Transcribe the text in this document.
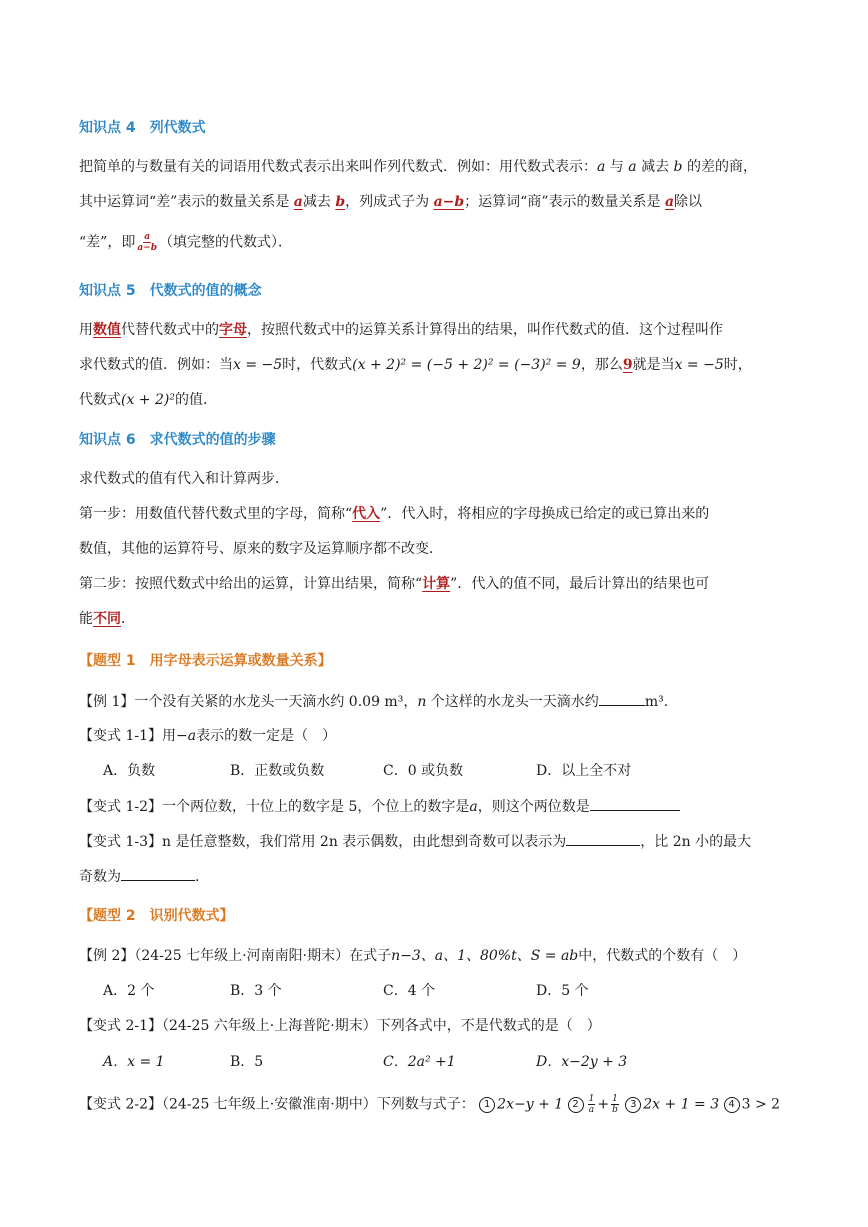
知识点 4 列代数式
把简单的与数量有关的词语用代数式表示出来叫作列代数式．例如：用代数式表示：a 与 a 减去 b 的差的商，
其中运算词“差”表示的数量关系是 a减去 b，列成式子为 a−b；运算词“商”表示的数量关系是 a除以
“差”，即 $\frac{a}{a-b}$ （填完整的代数式）．
知识点 5 代数式的值的概念
用数值代替代数式中的字母，按照代数式中的运算关系计算得出的结果，叫作代数式的值．这个过程叫作
求代数式的值．例如：当x = −5时，代数式(x + 2)² = (−5 + 2)² = (−3)² = 9，那么9就是当x = −5时，
代数式(x + 2)²的值．
知识点 6 求代数式的值的步骤
求代数式的值有代入和计算两步．
第一步：用数值代替代数式里的字母，简称“代入”．代入时，将相应的字母换成已给定的或已算出来的
数值，其他的运算符号、原来的数字及运算顺序都不改变．
第二步：按照代数式中给出的运算，计算出结果，简称“计算”．代入的值不同，最后计算出的结果也可
能不同．
【题型 1　用字母表示运算或数量关系】
【例 1】一个没有关紧的水龙头一天滴水约 0.09 m³，n 个这样的水龙头一天滴水约	m³.
【变式 1-1】用−a表示的数一定是（　）
A．负数	B．正数或负数	C．0 或负数	D．以上全不对
【变式 1-2】一个两位数，十位上的数字是 5，个位上的数字是a，则这个两位数是
【变式 1-3】n 是任意整数，我们常用 2n 表示偶数，由此想到奇数可以表示为	，比 2n 小的最大
奇数为	.
【题型 2　识别代数式】
【例 2】（24-25 七年级上·河南南阳·期末）在式子n−3、a、1、80%t、S = ab中，代数式的个数有（　）
A．2 个	B．3 个	C．4 个	D．5 个
【变式 2-1】（24-25 六年级上·上海普陀·期末）下列各式中，不是代数式的是（　）
A．x = 1	B．5	C．2a² +1	D．x−2y + 3
【变式 2-2】（24-25 七年级上·安徽淮南·期中）下列数与式子： 1 2x−y + 1 $2 \frac{1}{a} + \frac{1}{b} 3$ 2x + 1 = 3 4 3 > 2
